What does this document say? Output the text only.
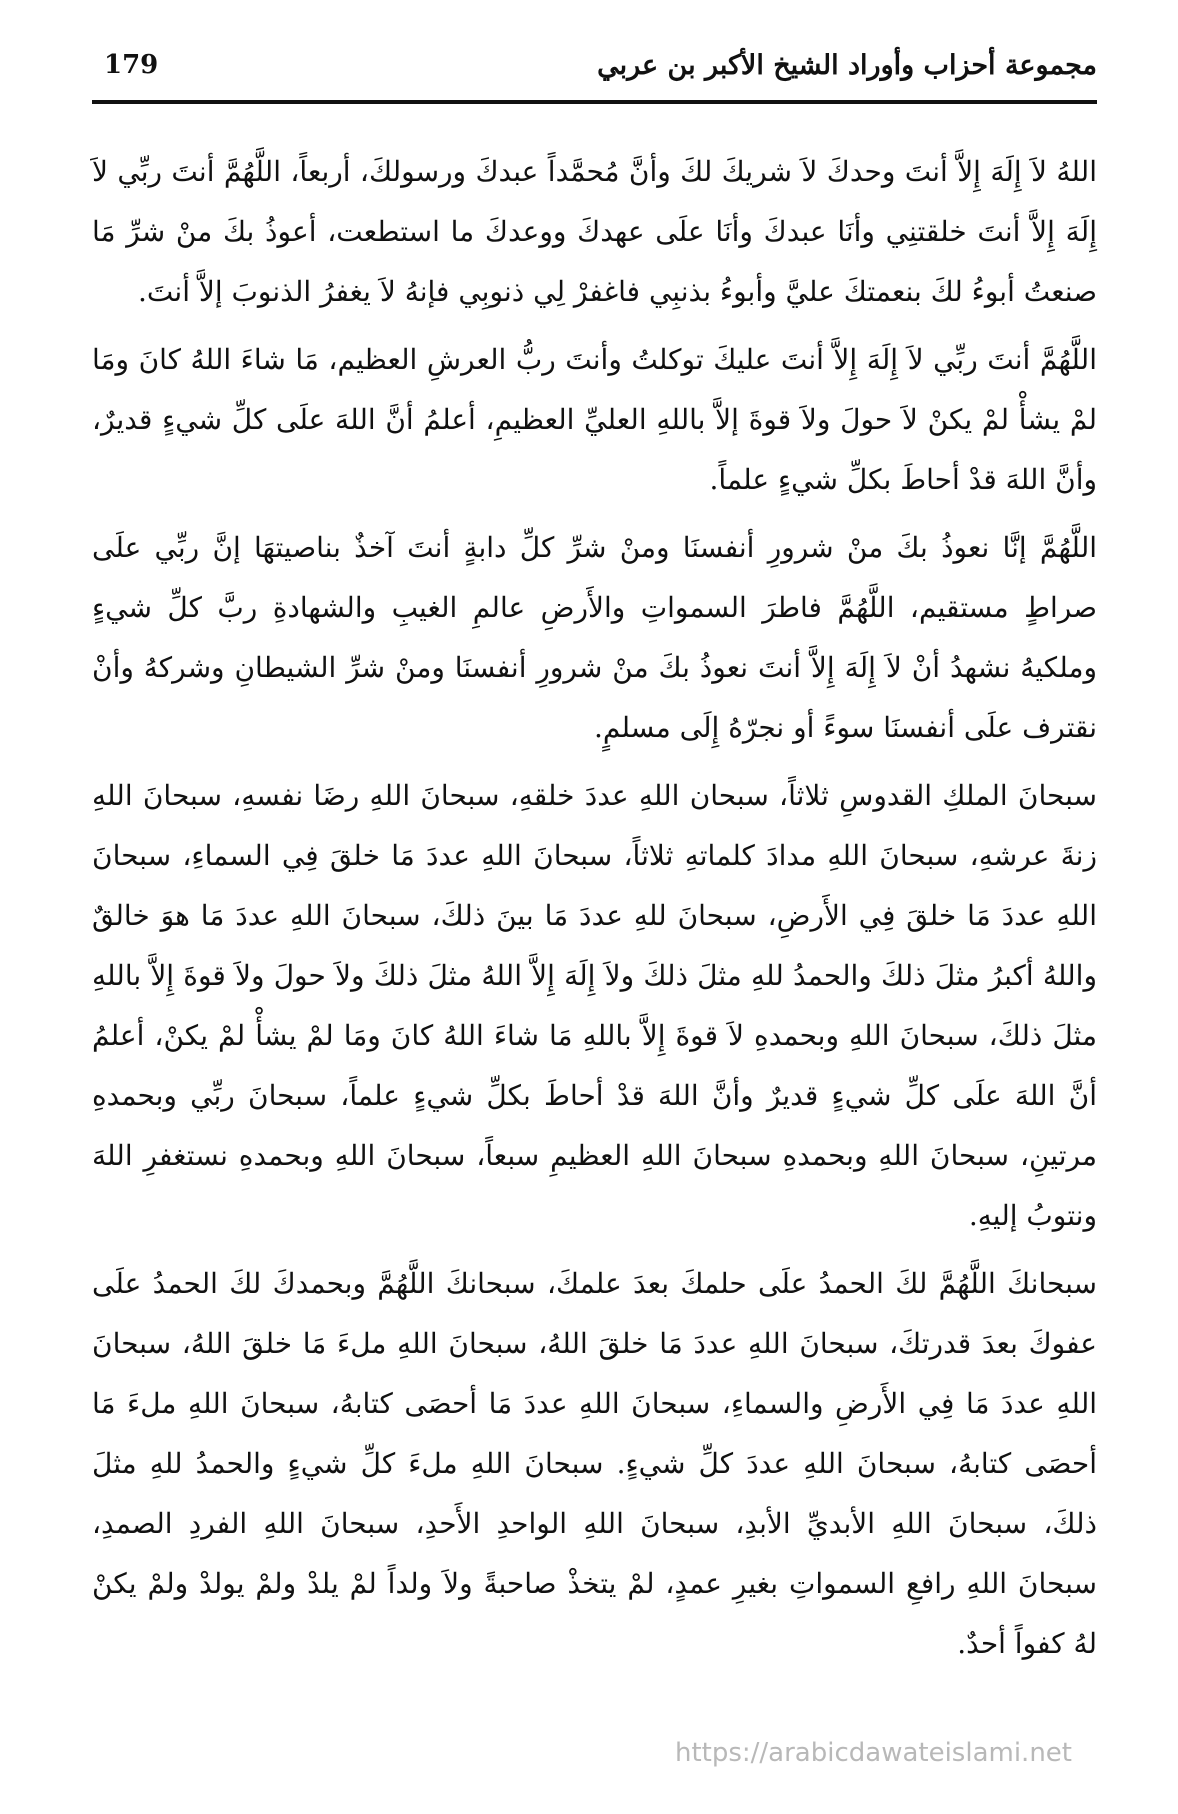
مجموعة أحزاب وأوراد الشيخ الأكبر بن عربي
179

اللهُ لاَ إِلَهَ إِلاَّ أنتَ وحدكَ لاَ شريكَ لكَ وأنَّ مُحمَّداً عبدكَ ورسولكَ، أربعاً، اللَّهُمَّ أنتَ ربِّي لاَ إِلَهَ إِلاَّ أنتَ خلقتنِي وأنَا عبدكَ وأنَا علَى عهدكَ ووعدكَ ما استطعت، أعوذُ بكَ منْ شرِّ مَا صنعتُ أبوءُ لكَ بنعمتكَ عليَّ وأبوءُ بذنبِي فاغفرْ لِي ذنوبِي فإنهُ لاَ يغفرُ الذنوبَ إلاَّ أنتَ.

اللَّهُمَّ أنتَ ربِّي لاَ إِلَهَ إِلاَّ أنتَ عليكَ توكلتُ وأنتَ ربُّ العرشِ العظيم، مَا شاءَ اللهُ كانَ ومَا لمْ يشأْ لمْ يكنْ لاَ حولَ ولاَ قوةَ إلاَّ باللهِ العليِّ العظيمِ، أعلمُ أنَّ اللهَ علَى كلِّ شيءٍ قديرٌ، وأنَّ اللهَ قدْ أحاطَ بكلِّ شيءٍ علماً.

اللَّهُمَّ إنَّا نعوذُ بكَ منْ شرورِ أنفسنَا ومنْ شرِّ كلِّ دابةٍ أنتَ آخذٌ بناصيتهَا إنَّ ربِّي علَى صراطٍ مستقيم، اللَّهُمَّ فاطرَ السمواتِ والأَرضِ عالمِ الغيبِ والشهادةِ ربَّ كلِّ شيءٍ وملكيهُ نشهدُ أنْ لاَ إِلَهَ إِلاَّ أنتَ نعوذُ بكَ منْ شرورِ أنفسنَا ومنْ شرِّ الشيطانِ وشركهُ وأنْ نقترف علَى أنفسنَا سوءً أو نجرّهُ إِلَى مسلمٍ.

سبحانَ الملكِ القدوسِ ثلاثاً، سبحان اللهِ عددَ خلقهِ، سبحانَ اللهِ رضَا نفسهِ، سبحانَ اللهِ زنةَ عرشهِ، سبحانَ اللهِ مدادَ كلماتهِ ثلاثاً، سبحانَ اللهِ عددَ مَا خلقَ فِي السماءِ، سبحانَ اللهِ عددَ مَا خلقَ فِي الأَرضِ، سبحانَ للهِ عددَ مَا بينَ ذلكَ، سبحانَ اللهِ عددَ مَا هوَ خالقٌ واللهُ أكبرُ مثلَ ذلكَ والحمدُ للهِ مثلَ ذلكَ ولاَ إِلَهَ إِلاَّ اللهُ مثلَ ذلكَ ولاَ حولَ ولاَ قوةَ إِلاَّ باللهِ مثلَ ذلكَ، سبحانَ اللهِ وبحمدهِ لاَ قوةَ إِلاَّ باللهِ مَا شاءَ اللهُ كانَ ومَا لمْ يشأْ لمْ يكنْ، أعلمُ أنَّ اللهَ علَى كلِّ شيءٍ قديرٌ وأنَّ اللهَ قدْ أحاطَ بكلِّ شيءٍ علماً، سبحانَ ربِّي وبحمدهِ مرتينِ، سبحانَ اللهِ وبحمدهِ سبحانَ اللهِ العظيمِ سبعاً، سبحانَ اللهِ وبحمدهِ نستغفرِ اللهَ ونتوبُ إليهِ.

سبحانكَ اللَّهُمَّ لكَ الحمدُ علَى حلمكَ بعدَ علمكَ، سبحانكَ اللَّهُمَّ وبحمدكَ لكَ الحمدُ علَى عفوكَ بعدَ قدرتكَ، سبحانَ اللهِ عددَ مَا خلقَ اللهُ، سبحانَ اللهِ ملءَ مَا خلقَ اللهُ، سبحانَ اللهِ عددَ مَا فِي الأَرضِ والسماءِ، سبحانَ اللهِ عددَ مَا أحصَى كتابهُ، سبحانَ اللهِ ملءَ مَا أحصَى كتابهُ، سبحانَ اللهِ عددَ كلِّ شيءٍ. سبحانَ اللهِ ملءَ كلِّ شيءٍ والحمدُ للهِ مثلَ ذلكَ، سبحانَ اللهِ الأبديِّ الأبدِ، سبحانَ اللهِ الواحدِ الأَحدِ، سبحانَ اللهِ الفردِ الصمدِ، سبحانَ اللهِ رافعِ السمواتِ بغيرِ عمدٍ، لمْ يتخذْ صاحبةً ولاَ ولداً لمْ يلدْ ولمْ يولدْ ولمْ يكنْ لهُ كفواً أحدٌ.

https://arabicdawateislami.net
